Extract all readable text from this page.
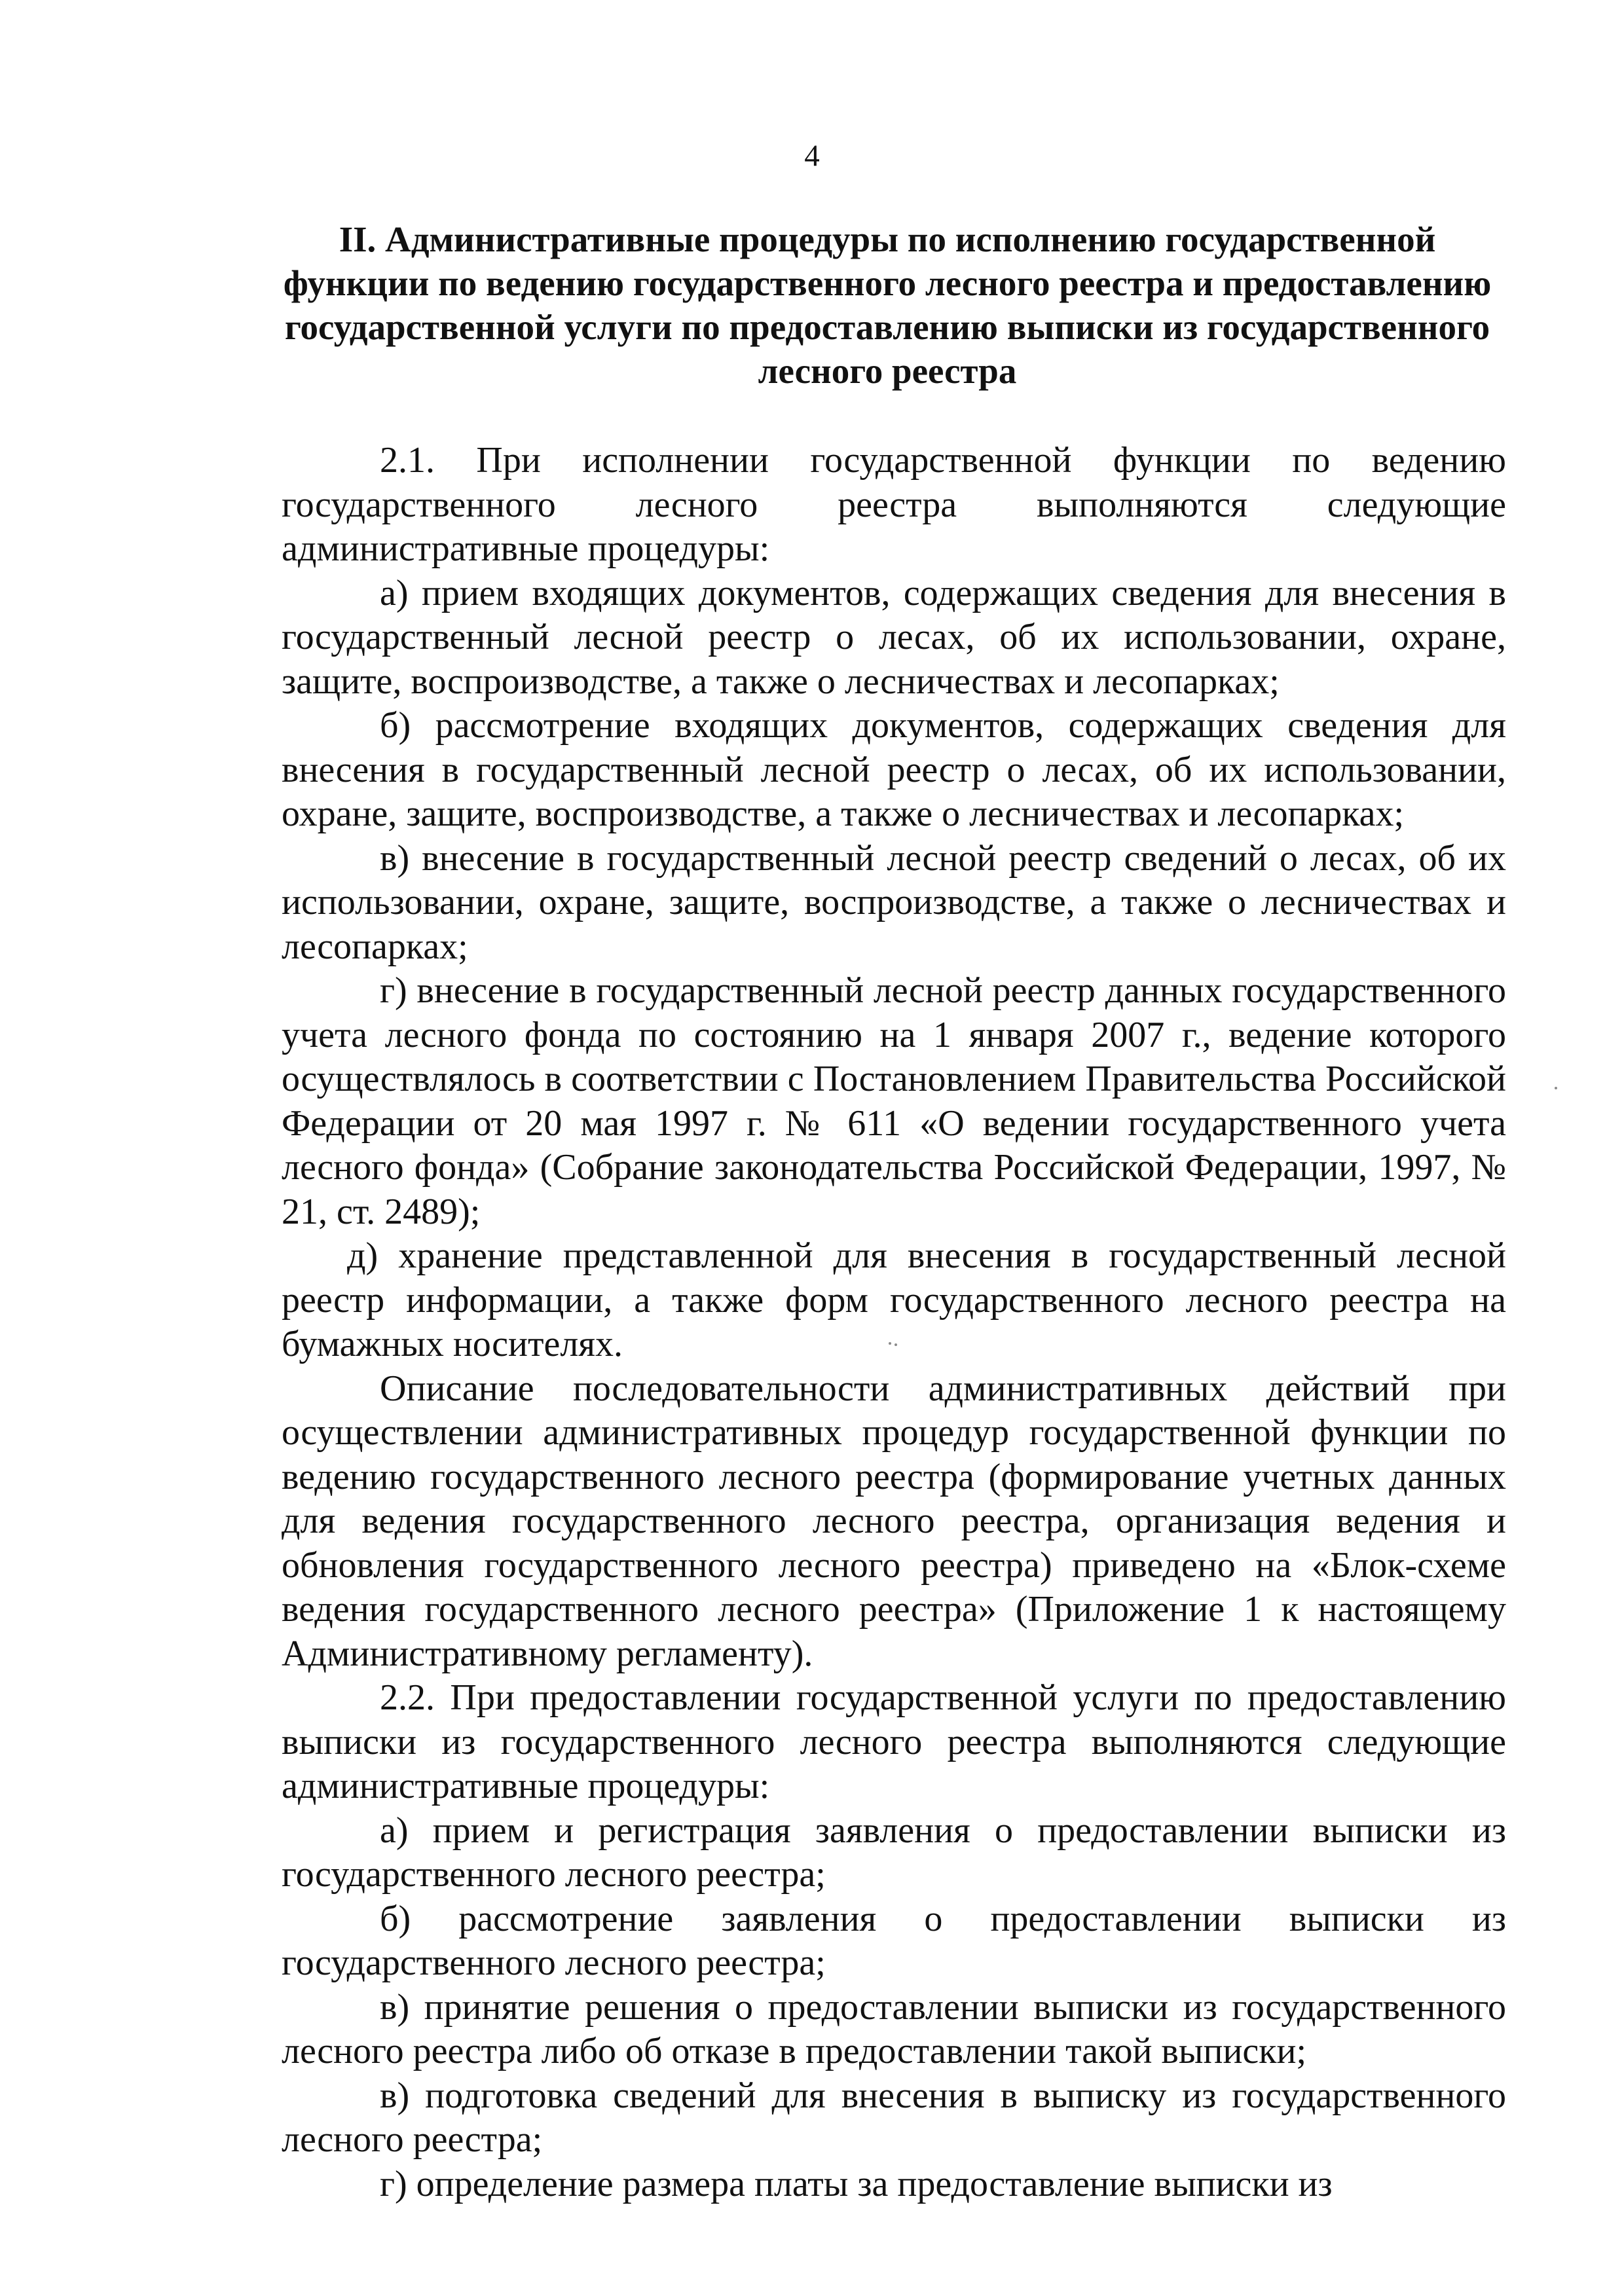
4
II. Административные процедуры по исполнению государственной функции по ведению государственного лесного реестра и предоставлению государственной услуги по предоставлению выписки из государственного лесного реестра

2.1. При исполнении государственной функции по ведению государственного лесного реестра выполняются следующие административные процедуры:

а) прием входящих документов, содержащих сведения для внесения в государственный лесной реестр о лесах, об их использовании, охране, защите, воспроизводстве, а также о лесничествах и лесопарках;

б) рассмотрение входящих документов, содержащих сведения для внесения в государственный лесной реестр о лесах, об их использовании, охране, защите, воспроизводстве, а также о лесничествах и лесопарках;

в) внесение в государственный лесной реестр сведений о лесах, об их использовании, охране, защите, воспроизводстве, а также о лесничествах и лесопарках;

г) внесение в государственный лесной реестр данных государственного учета лесного фонда по состоянию на 1 января 2007 г., ведение которого осуществлялось в соответствии с Постановлением Правительства Российской Федерации от 20 мая 1997 г. № 611 «О ведении государственного учета лесного фонда» (Собрание законодательства Российской Федерации, 1997, № 21, ст. 2489);

д) хранение представленной для внесения в государственный лесной реестр информации, а также форм государственного лесного реестра на бумажных носителях.

Описание последовательности административных действий при осуществлении административных процедур государственной функции по ведению государственного лесного реестра (формирование учетных данных для ведения государственного лесного реестра, организация ведения и обновления государственного лесного реестра) приведено на «Блок-схеме ведения государственного лесного реестра» (Приложение 1 к настоящему Административному регламенту).

2.2. При предоставлении государственной услуги по предоставлению выписки из государственного лесного реестра выполняются следующие административные процедуры:

а) прием и регистрация заявления о предоставлении выписки из государственного лесного реестра;

б) рассмотрение заявления о предоставлении выписки из государственного лесного реестра;

в) принятие решения о предоставлении выписки из государственного лесного реестра либо об отказе в предоставлении такой выписки;

в) подготовка сведений для внесения в выписку из государственного лесного реестра;

г) определение размера платы за предоставление выписки из
